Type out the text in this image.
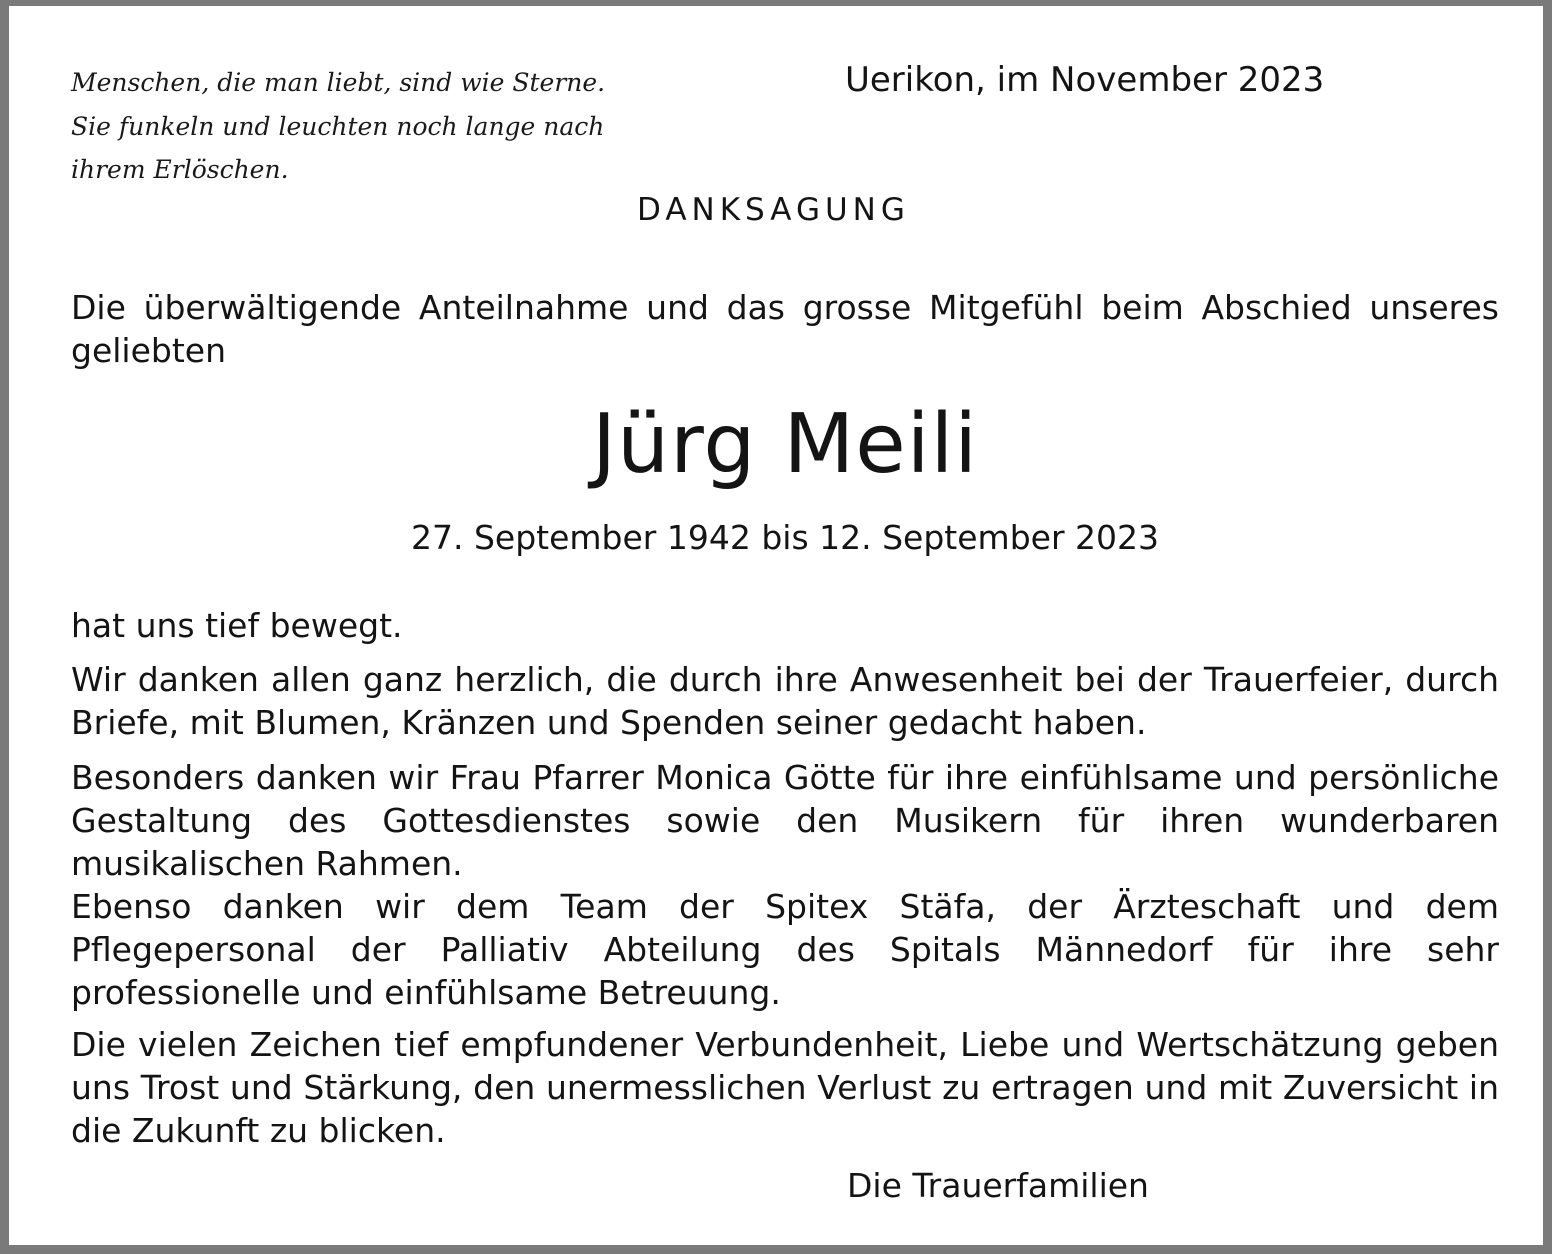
Menschen, die man liebt, sind wie Sterne.
Sie funkeln und leuchten noch lange nach
ihrem Erlöschen.
Uerikon, im November 2023
DANKSAGUNG
Die überwältigende Anteilnahme und das grosse Mitgefühl beim Abschied unseres geliebten
Jürg Meili
27. September 1942 bis 12. September 2023
hat uns tief bewegt.
Wir danken allen ganz herzlich, die durch ihre Anwesenheit bei der Trauerfeier, durch Briefe, mit Blumen, Kränzen und Spenden seiner gedacht haben.
Besonders danken wir Frau Pfarrer Monica Götte für ihre einfühlsame und persönliche Gestaltung des Gottesdienstes sowie den Musikern für ihren wunderbaren musikalischen Rahmen.
Ebenso danken wir dem Team der Spitex Stäfa, der Ärzteschaft und dem Pflegepersonal der Palliativ Abteilung des Spitals Männedorf für ihre sehr professionelle und einfühlsame Betreuung.
Die vielen Zeichen tief empfundener Verbundenheit, Liebe und Wertschätzung geben uns Trost und Stärkung, den unermesslichen Verlust zu ertragen und mit Zuversicht in die Zukunft zu blicken.
Die Trauerfamilien
